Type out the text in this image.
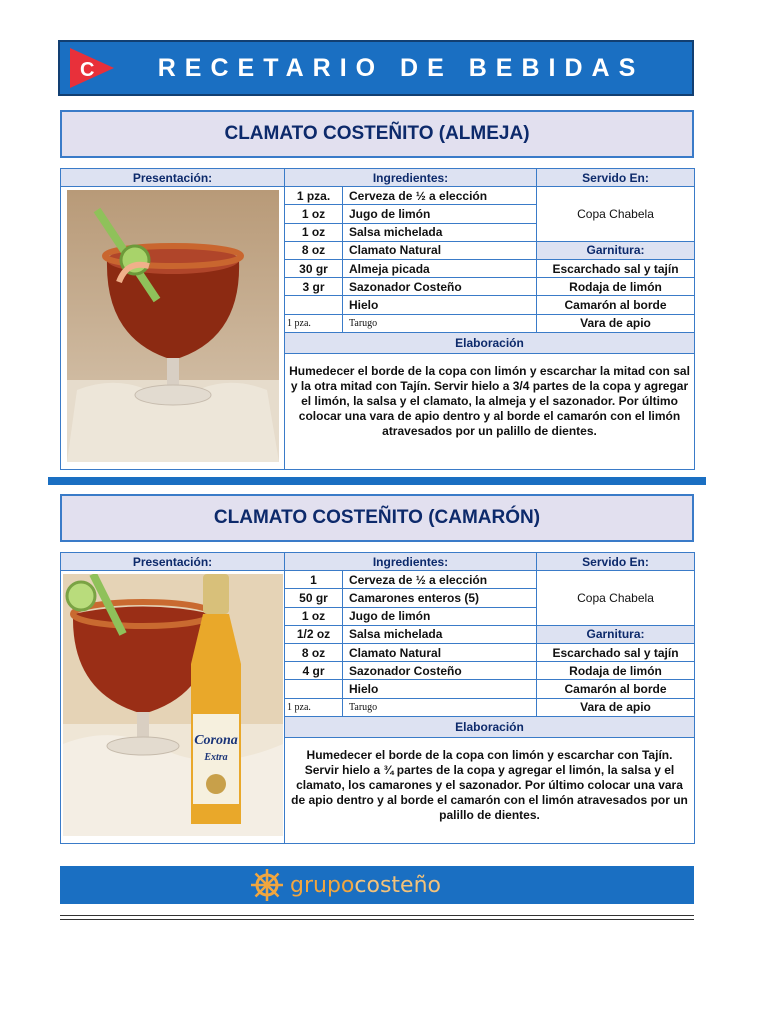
C	RECETARIO DE BEBIDAS
CLAMATO COSTEÑITO (ALMEJA)
Presentación:	Ingredientes:		Servido En:
	1 pza.	Cerveza de ½ a elección	Copa Chabela
	1 oz	Jugo de limón	
	1 oz	Salsa michelada	
	8 oz	Clamato Natural	Garnitura:
	30 gr	Almeja picada	Escarchado sal y tajín
	3 gr	Sazonador Costeño	Rodaja de limón
		Hielo	Camarón al borde
	1 pza.	Tarugo	Vara de apio
	Elaboración		
	Humedecer el borde de la copa con limón y escarchar la mitad con sal y la otra mitad con Tajín. Servir hielo a 3/4 partes de la copa y agregar el limón, la salsa y el clamato, la almeja y el sazonador. Por último colocar una vara de apio dentro y al borde el camarón con el limón atravesados por un palillo de dientes.		
CLAMATO COSTEÑITO (CAMARÓN)
Presentación:	Ingredientes:		Servido En:

Corona
Extra	1	Cerveza de ½ a elección	Copa Chabela
	50 gr	Camarones enteros (5)	
	1 oz	Jugo de limón	
	1/2 oz	Salsa michelada	Garnitura:
	8 oz	Clamato Natural	Escarchado sal y tajín
	4 gr	Sazonador Costeño	Rodaja de limón
		Hielo	Camarón al borde
	1 pza.	Tarugo	Vara de apio
	Elaboración		
	Humedecer el borde de la copa con limón y escarchar con Tajín. Servir hielo a ¾ partes de la copa y agregar el limón, la salsa y el clamato, los camarones y el sazonador. Por último colocar una vara de apio dentro y al borde el camarón con el limón atravesados por un palillo de dientes.		
grupocosteño
